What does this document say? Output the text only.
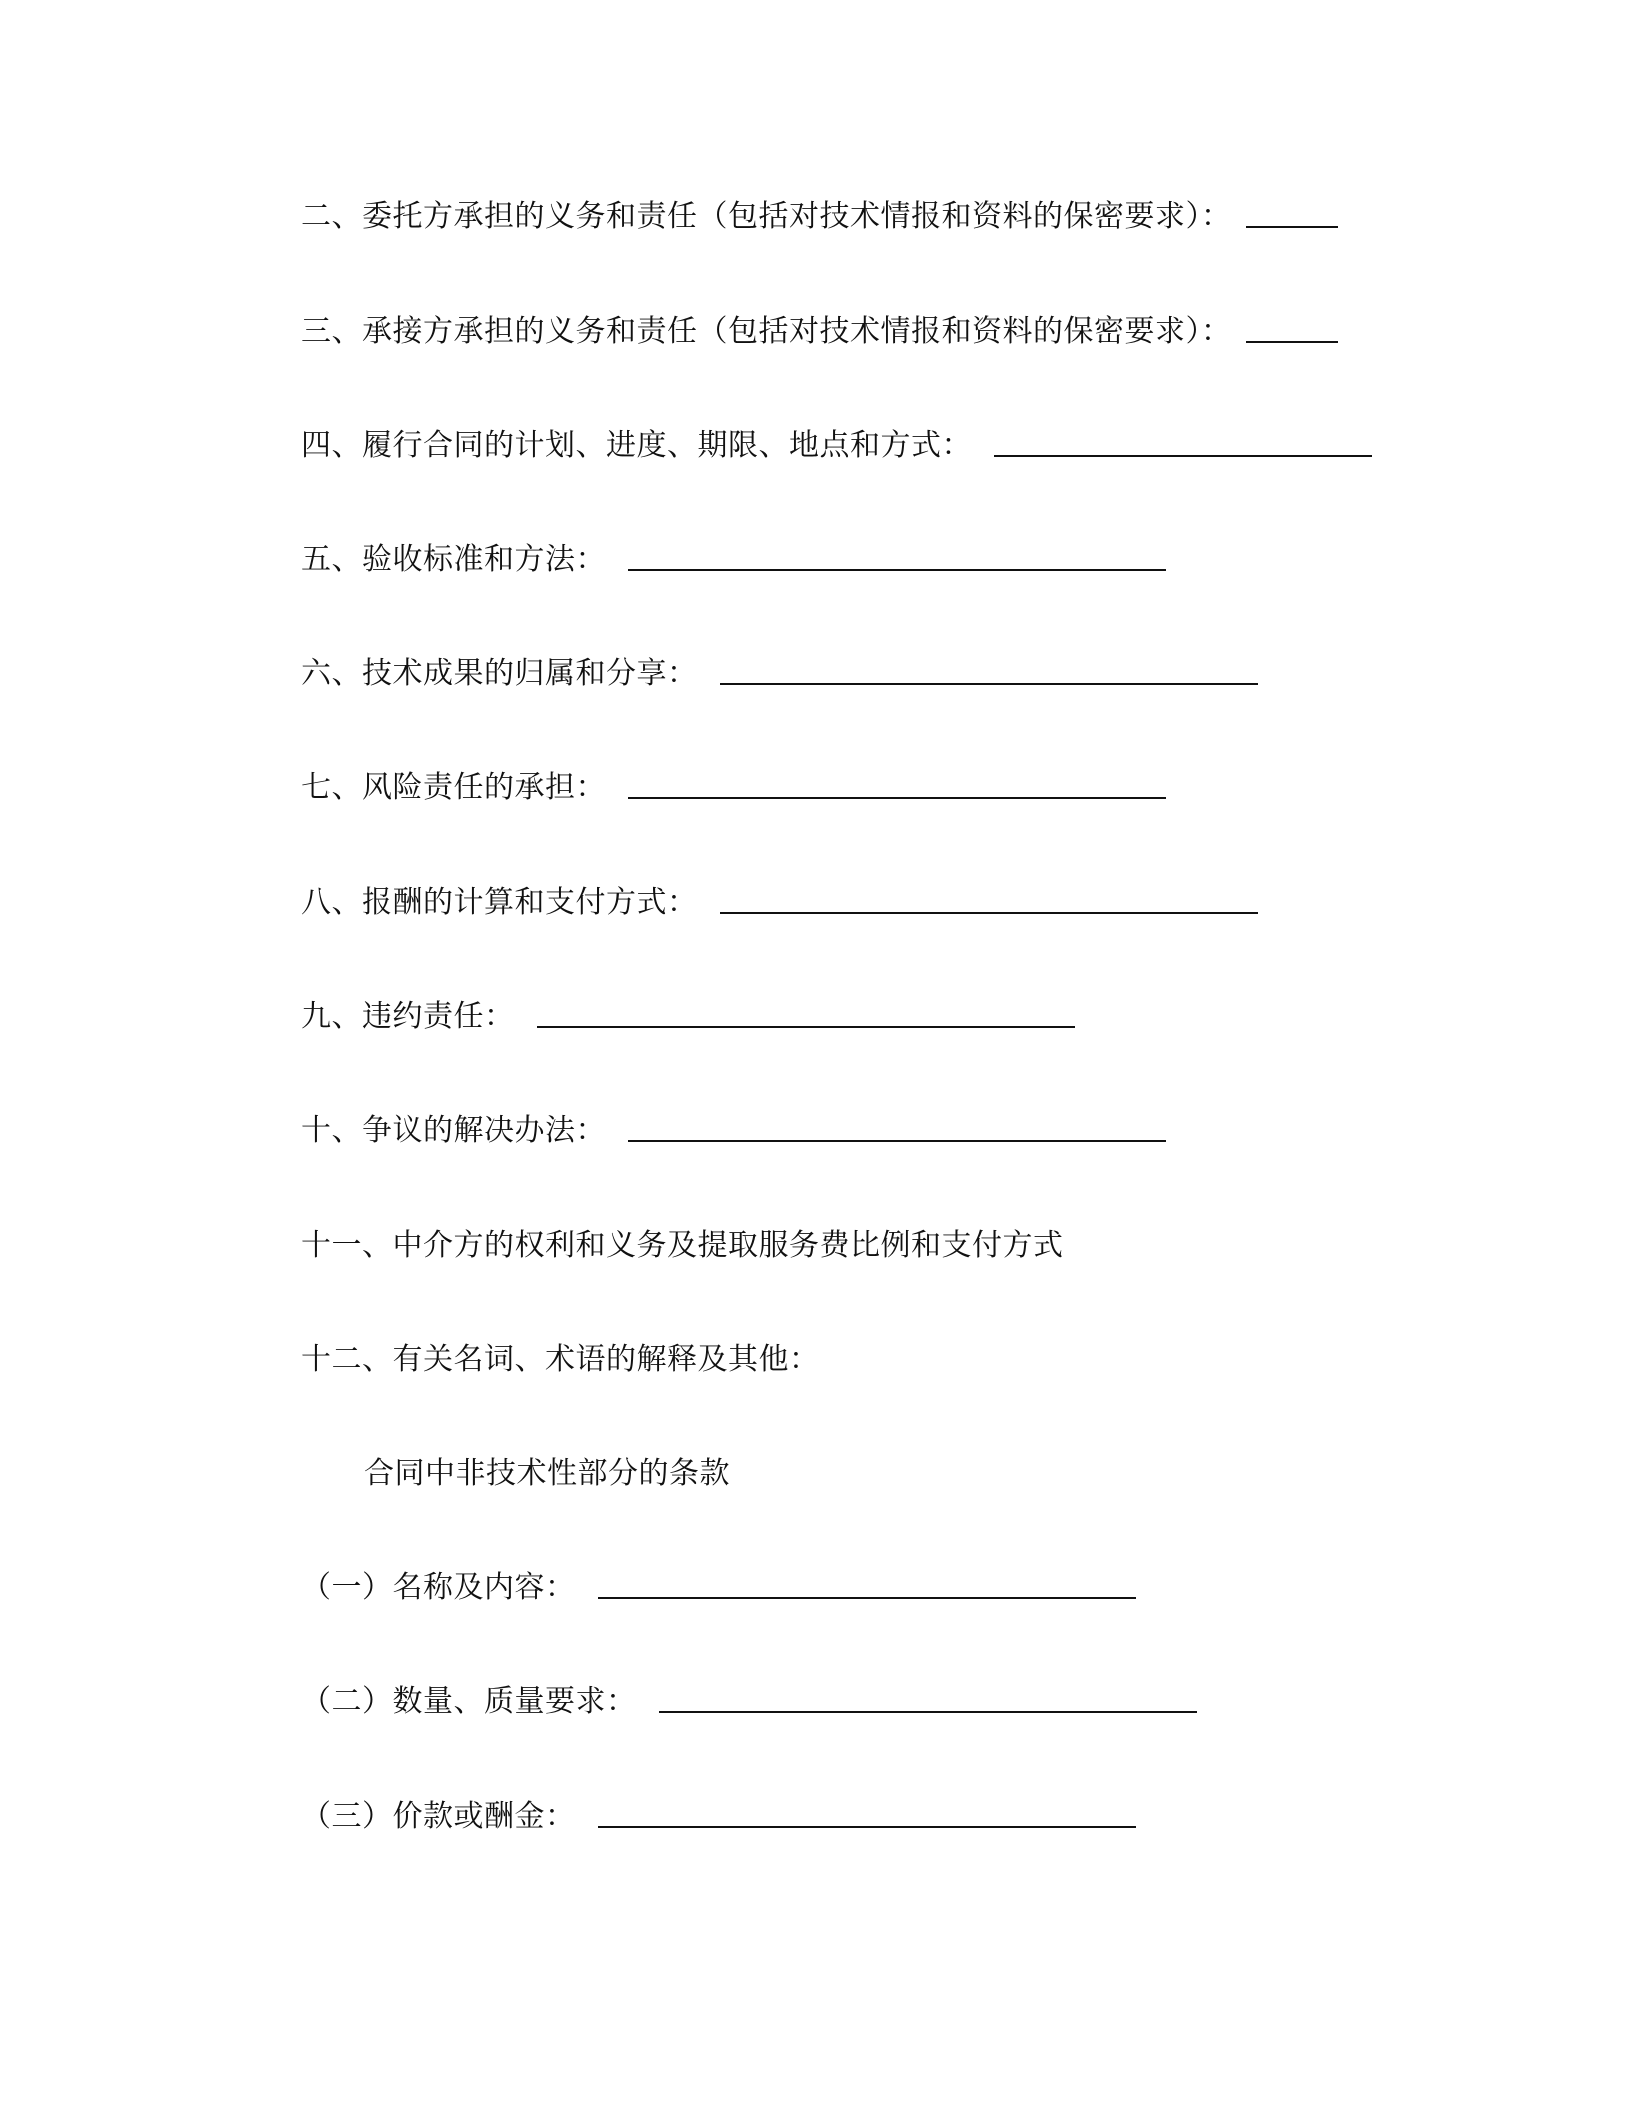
二、委托方承担的义务和责任（包括对技术情报和资料的保密要求）：
三、承接方承担的义务和责任（包括对技术情报和资料的保密要求）：
四、履行合同的计划、进度、期限、地点和方式：
五、验收标准和方法：
六、技术成果的归属和分享：
七、风险责任的承担：
八、报酬的计算和支付方式：
九、违约责任：
十、争议的解决办法：
十一、中介方的权利和义务及提取服务费比例和支付方式
十二、有关名词、术语的解释及其他：
合同中非技术性部分的条款
（一）名称及内容：
（二）数量、质量要求：
（三）价款或酬金：
